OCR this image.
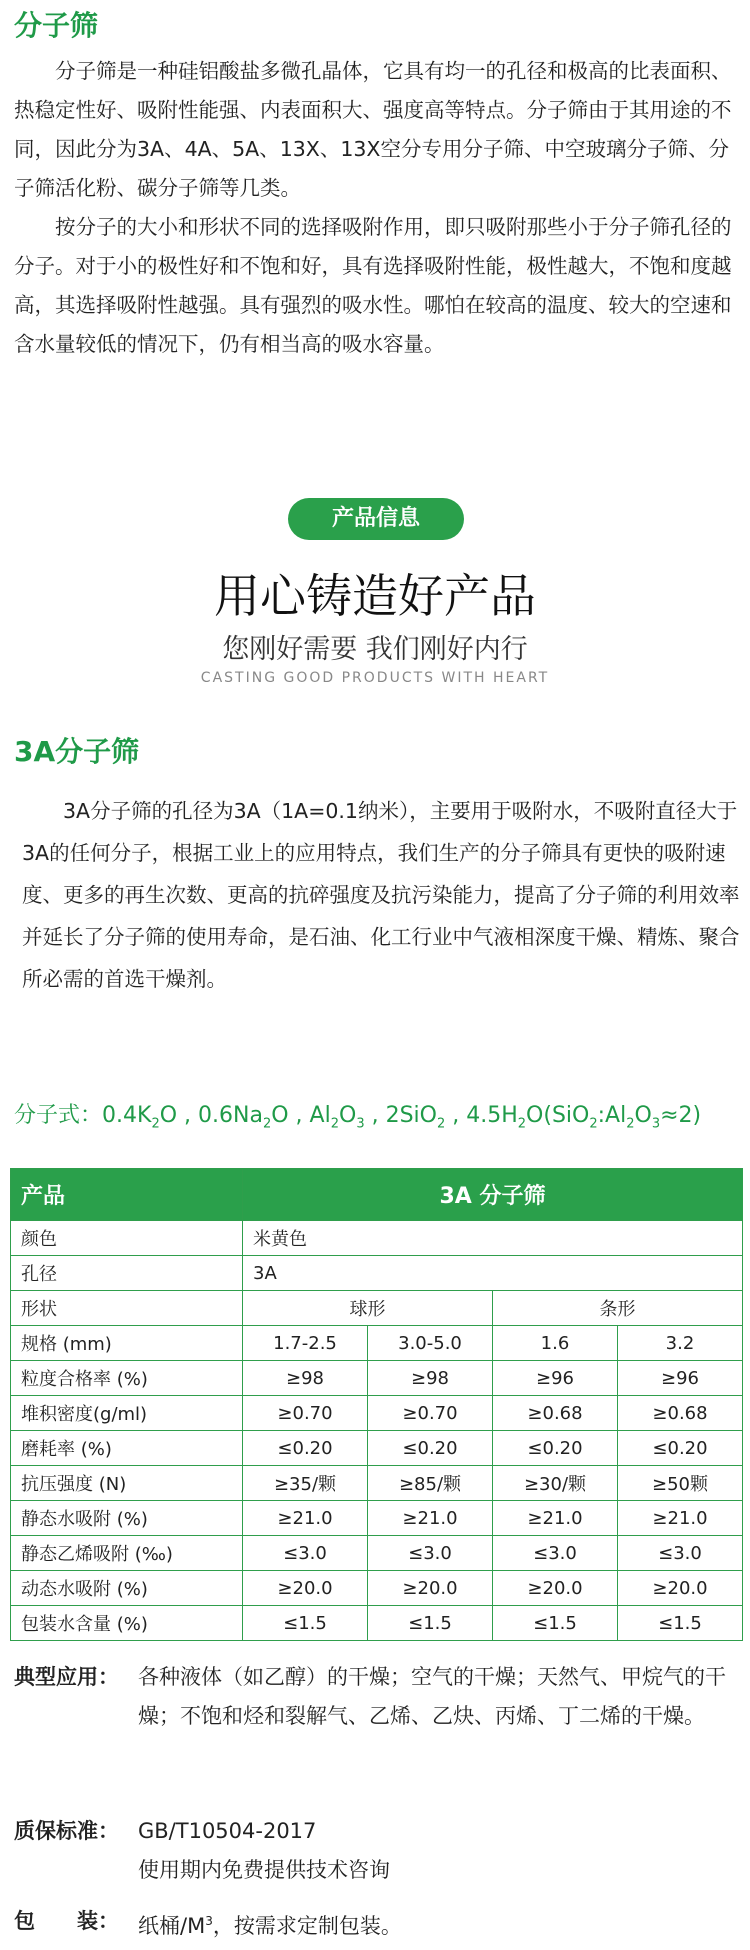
分子筛

分子筛是一种硅铝酸盐多微孔晶体，它具有均一的孔径和极高的比表面积、热稳定性好、吸附性能强、内表面积大、强度高等特点。分子筛由于其用途的不同，因此分为3A、4A、5A、13X、13X空分专用分子筛、中空玻璃分子筛、分子筛活化粉、碳分子筛等几类。

按分子的大小和形状不同的选择吸附作用，即只吸附那些小于分子筛孔径的分子。对于小的极性好和不饱和好，具有选择吸附性能，极性越大，不饱和度越高，其选择吸附性越强。具有强烈的吸水性。哪怕在较高的温度、较大的空速和含水量较低的情况下，仍有相当高的吸水容量。

产品信息
用心铸造好产品
您刚好需要 我们刚好内行
CASTING GOOD PRODUCTS WITH HEART
3A分子筛

3A分子筛的孔径为3A（1A=0.1纳米），主要用于吸附水，不吸附直径大于3A的任何分子，根据工业上的应用特点，我们生产的分子筛具有更快的吸附速度、更多的再生次数、更高的抗碎强度及抗污染能力，提高了分子筛的利用效率并延长了分子筛的使用寿命，是石油、化工行业中气液相深度干燥、精炼、聚合所必需的首选干燥剂。

分子式：$0.4K_2O$ , $0.6Na_2O$ , $Al_2O_3$ , 2SiO$_2$ , $4.5H_2O(SiO_2:Al_2O_3\approx 2)$
产品	3A 分子筛			
颜色	米黄色			
孔径	3A			
形状	球形		条形	
规格 (mm)	1.7-2.5	3.0-5.0	1.6	3.2
粒度合格率 (%)	≥98	≥98	≥96	≥96
堆积密度(g/ml)	≥0.70	≥0.70	≥0.68	≥0.68
磨耗率 (%)	≤0.20	≤0.20	≤0.20	≤0.20
抗压强度 (N)	≥35/颗	≥85/颗	≥30/颗	≥50颗
静态水吸附 (%)	≥21.0	≥21.0	≥21.0	≥21.0
静态乙烯吸附 (‰)	≤3.0	≤3.0	≤3.0	≤3.0
动态水吸附 (%)	≥20.0	≥20.0	≥20.0	≥20.0
包装水含量 (%)	≤1.5	≤1.5	≤1.5	≤1.5
典型应用： 各种液体（如乙醇）的干燥；空气的干燥；天然气、甲烷气的干燥；不饱和烃和裂解气、乙烯、乙炔、丙烯、丁二烯的干燥。
质保标准： GB/T10504-2017
使用期内免费提供技术咨询
包　　装： 纸桶$/M^3$，按需求定制包装。
